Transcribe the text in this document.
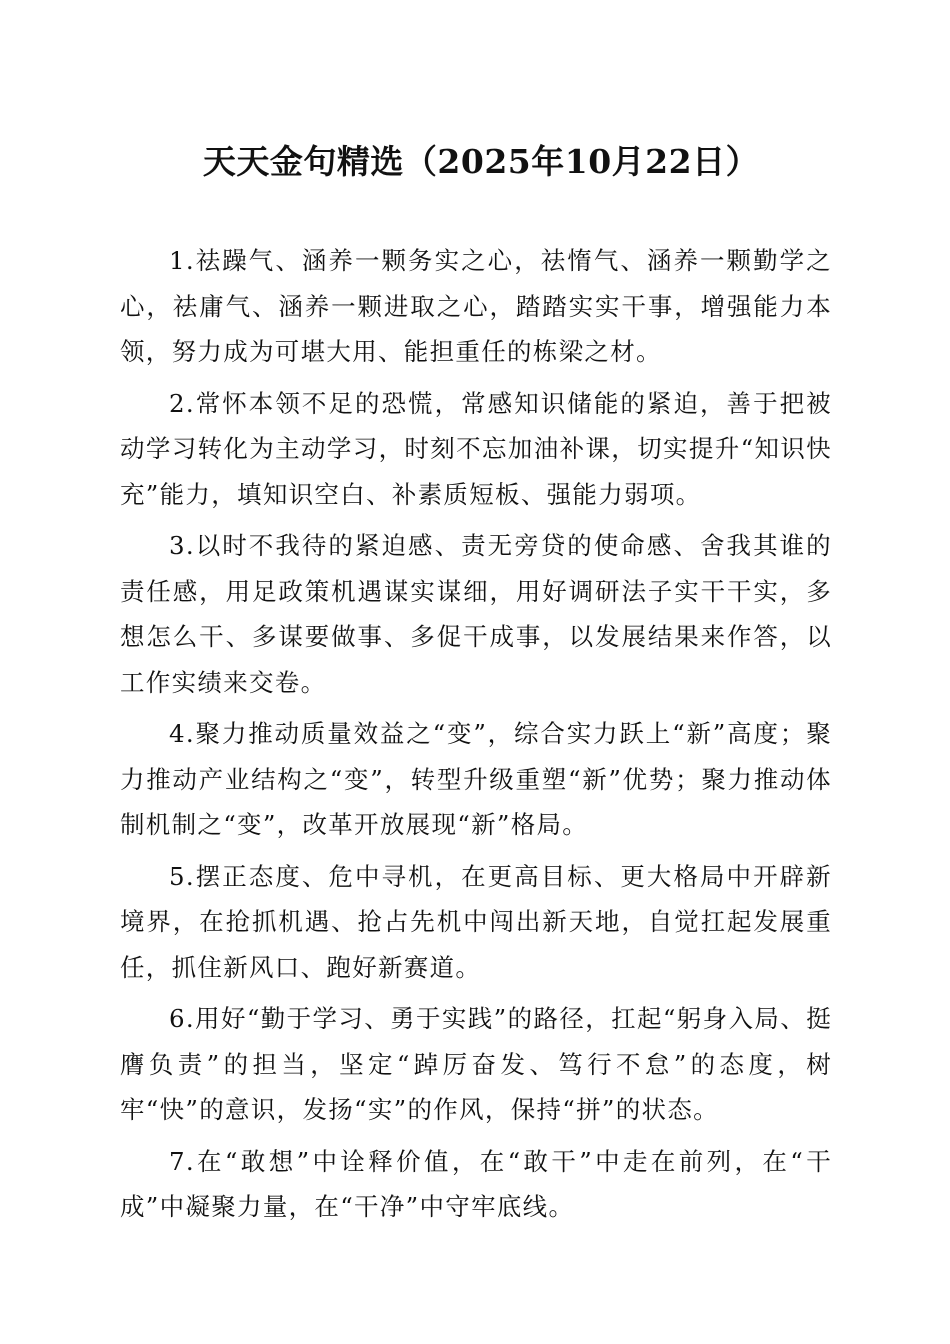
天天金句精选（2025年10月22日）

1.祛躁气、涵养一颗务实之心，祛惰气、涵养一颗勤学之心，祛庸气、涵养一颗进取之心，踏踏实实干事，增强能力本领，努力成为可堪大用、能担重任的栋梁之材。

2.常怀本领不足的恐慌，常感知识储能的紧迫，善于把被动学习转化为主动学习，时刻不忘加油补课，切实提升“知识快充”能力，填知识空白、补素质短板、强能力弱项。

3.以时不我待的紧迫感、责无旁贷的使命感、舍我其谁的责任感，用足政策机遇谋实谋细，用好调研法子实干干实，多想怎么干、多谋要做事、多促干成事，以发展结果来作答，以工作实绩来交卷。

4.聚力推动质量效益之“变”，综合实力跃上“新”高度；聚力推动产业结构之“变”，转型升级重塑“新”优势；聚力推动体制机制之“变”，改革开放展现“新”格局。

5.摆正态度、危中寻机，在更高目标、更大格局中开辟新境界，在抢抓机遇、抢占先机中闯出新天地，自觉扛起发展重任，抓住新风口、跑好新赛道。

6.用好“勤于学习、勇于实践”的路径，扛起“躬身入局、挺膺负责”的担当，坚定“踔厉奋发、笃行不怠”的态度，树牢“快”的意识，发扬“实”的作风，保持“拼”的状态。

7.在“敢想”中诠释价值，在“敢干”中走在前列，在“干成”中凝聚力量，在“干净”中守牢底线。
